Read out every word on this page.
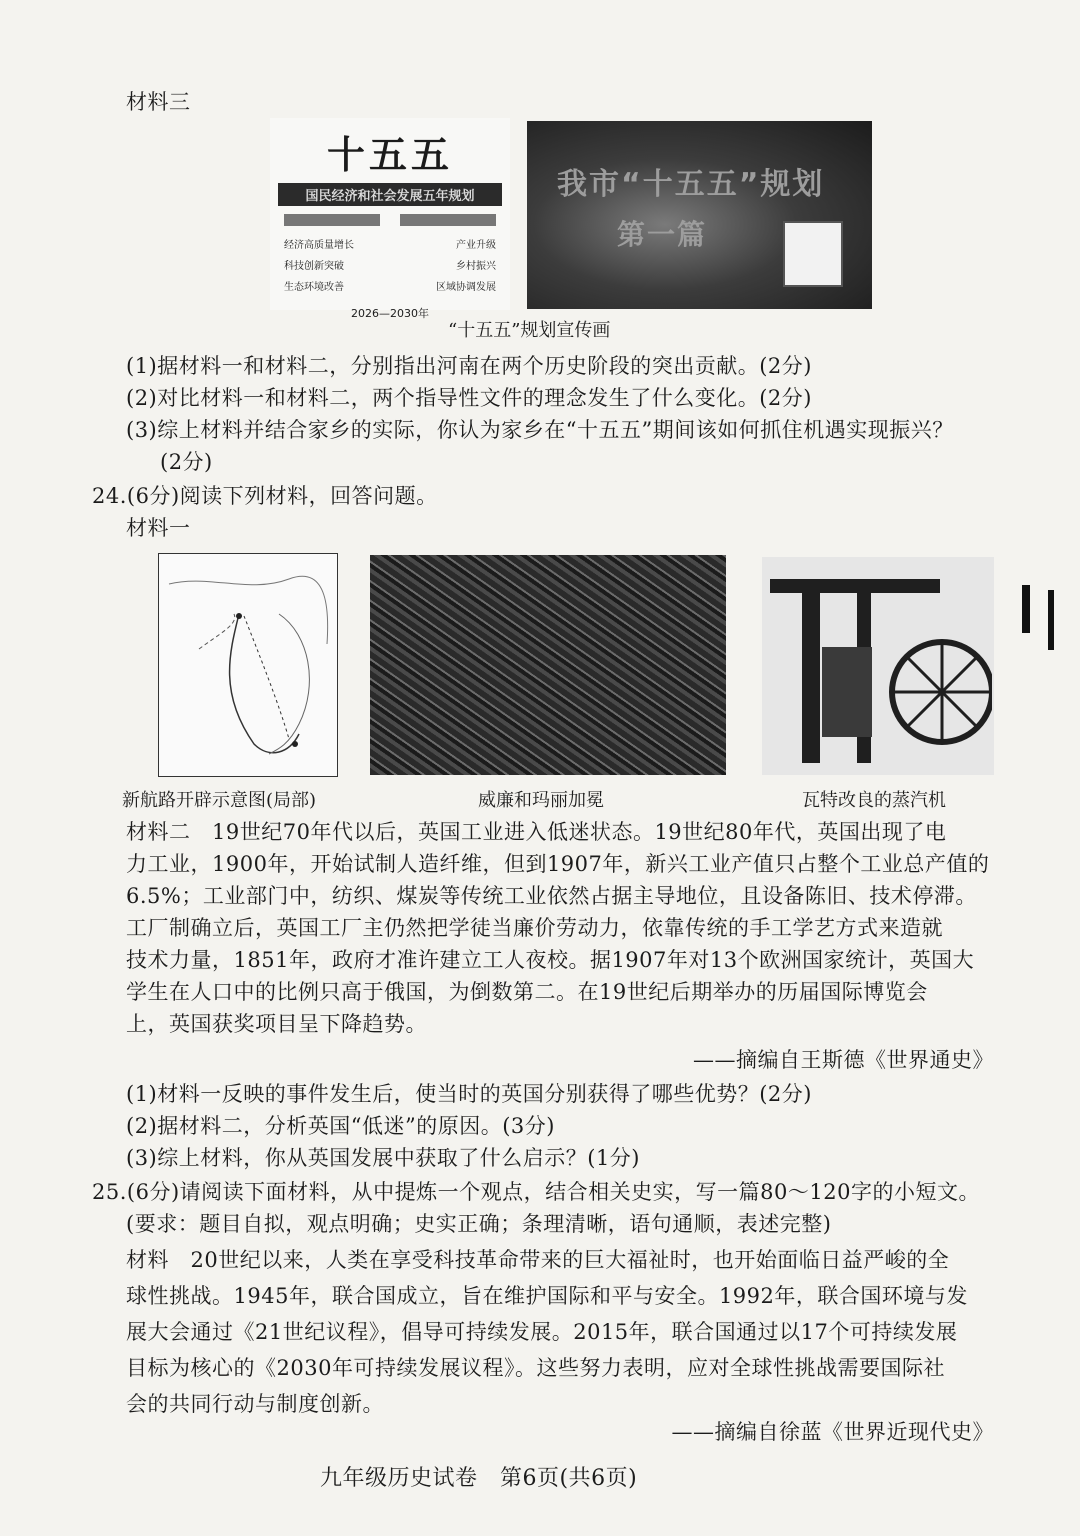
材料三
十五五
国民经济和社会发展五年规划
经济高质量增长	产业升级
科技创新突破	乡村振兴
生态环境改善	区域协调发展
2026—2030年
我市“十五五”规划
第一篇
“十五五”规划宣传画
(1)据材料一和材料二，分别指出河南在两个历史阶段的突出贡献。(2分)
(2)对比材料一和材料二，两个指导性文件的理念发生了什么变化。(2分)
(3)综上材料并结合家乡的实际，你认为家乡在“十五五”期间该如何抓住机遇实现振兴？
(2分)
24.(6分)阅读下列材料，回答问题。
材料一
新航路开辟示意图(局部)	威廉和玛丽加冕	瓦特改良的蒸汽机
材料二　19世纪70年代以后，英国工业进入低迷状态。19世纪80年代，英国出现了电
力工业，1900年，开始试制人造纤维，但到1907年，新兴工业产值只占整个工业总产值的
6.5%；工业部门中，纺织、煤炭等传统工业依然占据主导地位，且设备陈旧、技术停滞。
工厂制确立后，英国工厂主仍然把学徒当廉价劳动力，依靠传统的手工学艺方式来造就
技术力量，1851年，政府才准许建立工人夜校。据1907年对13个欧洲国家统计，英国大
学生在人口中的比例只高于俄国，为倒数第二。在19世纪后期举办的历届国际博览会
上，英国获奖项目呈下降趋势。
——摘编自王斯德《世界通史》
(1)材料一反映的事件发生后，使当时的英国分别获得了哪些优势？(2分)
(2)据材料二，分析英国“低迷”的原因。(3分)
(3)综上材料，你从英国发展中获取了什么启示？(1分)
25.(6分)请阅读下面材料，从中提炼一个观点，结合相关史实，写一篇80～120字的小短文。
(要求：题目自拟，观点明确；史实正确；条理清晰，语句通顺，表述完整)
材料　20世纪以来，人类在享受科技革命带来的巨大福祉时，也开始面临日益严峻的全
球性挑战。1945年，联合国成立，旨在维护国际和平与安全。1992年，联合国环境与发
展大会通过《21世纪议程》，倡导可持续发展。2015年，联合国通过以17个可持续发展
目标为核心的《2030年可持续发展议程》。这些努力表明，应对全球性挑战需要国际社
会的共同行动与制度创新。
——摘编自徐蓝《世界近现代史》
九年级历史试卷　第6页(共6页)
